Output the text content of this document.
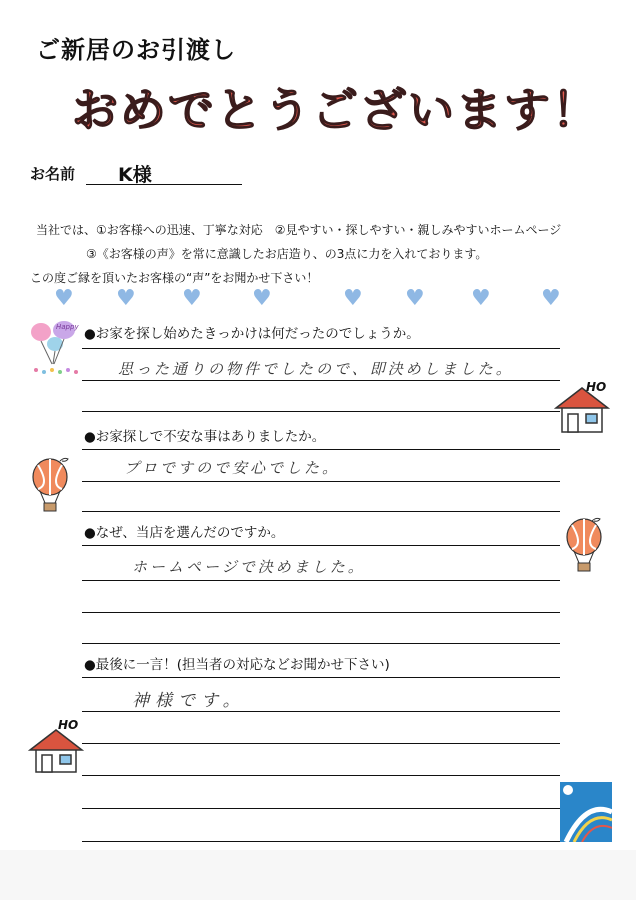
ご新居のお引渡し
おめでとうございます！
お名前 K様
当社では、①お客様への迅速、丁寧な対応　②見やすい・探しやすい・親しみやすいホームページ
③《お客様の声》を常に意識したお店造り、の3点に力を入れております。
この度ご縁を頂いたお客様の“声”をお聞かせ下さい！
♥ ♥ ♥ ♥	♥ ♥ ♥ ♥
Happy ●お家を探し始めたきっかけは何だったのでしょうか。
思った通りの物件でしたので、即決めしました。
HO
●お家探しで不安な事はありましたか。
プロですので安心でした。
●なぜ、当店を選んだのですか。
ホームページで決めました。
●最後に一言！(担当者の対応などお聞かせ下さい)
神様です。
HO
